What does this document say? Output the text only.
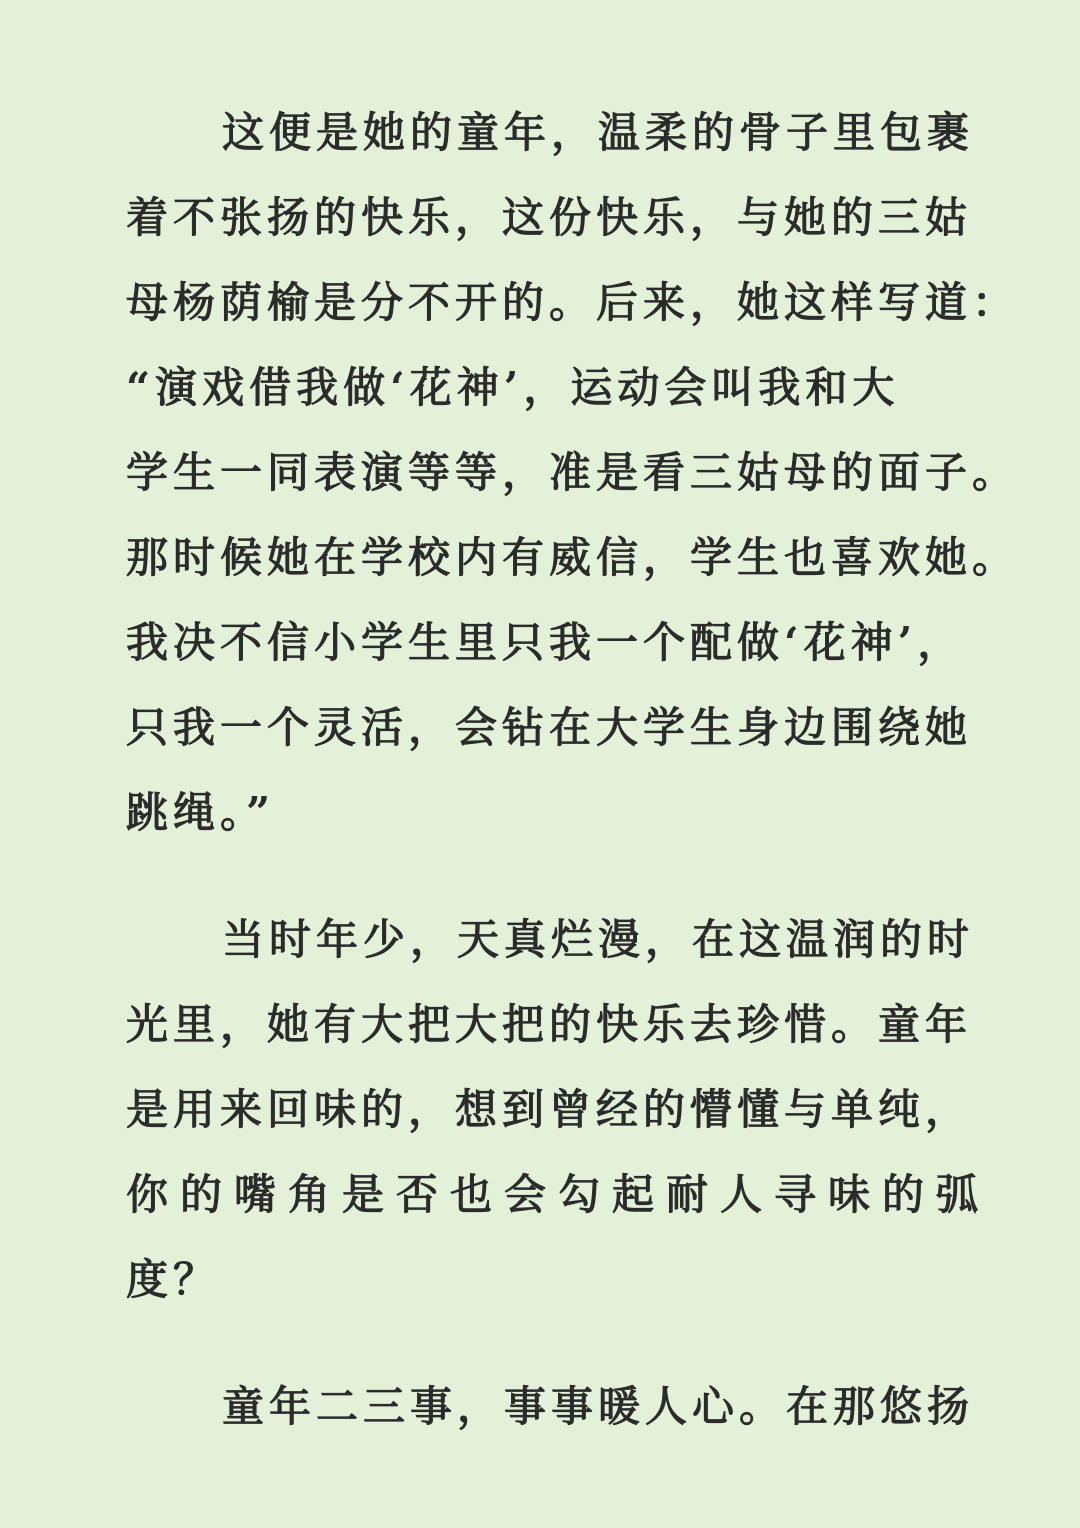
这便是她的童年，温柔的骨子里包裹
着不张扬的快乐，这份快乐，与她的三姑
母杨荫榆是分不开的。后来，她这样写道：
“演戏借我做‘花神’，运动会叫我和大
学生一同表演等等，准是看三姑母的面子。
那时候她在学校内有威信，学生也喜欢她。
我决不信小学生里只我一个配做‘花神’，
只我一个灵活，会钻在大学生身边围绕她
跳绳。”
当时年少，天真烂漫，在这温润的时
光里，她有大把大把的快乐去珍惜。童年
是用来回味的，想到曾经的懵懂与单纯，
你的嘴角是否也会勾起耐人寻味的弧
度？
童年二三事，事事暖人心。在那悠扬
